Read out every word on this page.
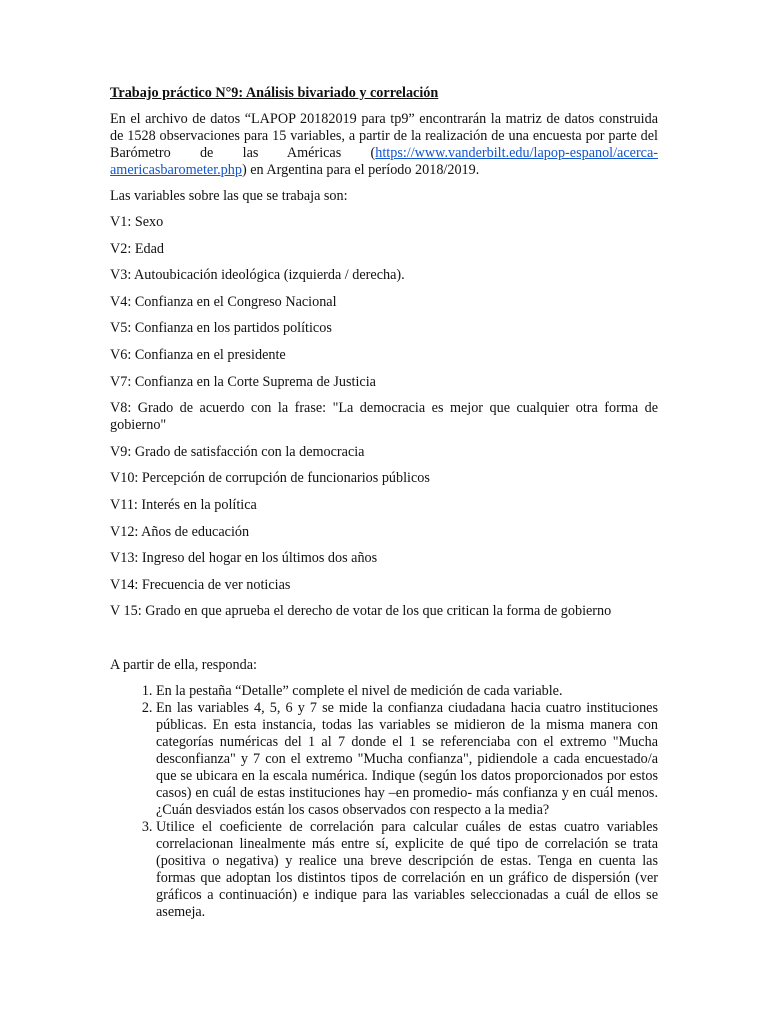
Trabajo práctico N°9: Análisis bivariado y correlación

En el archivo de datos “LAPOP 20182019 para tp9” encontrarán la matriz de datos construida de 1528 observaciones para 15 variables, a partir de la realización de una encuesta por parte del Barómetro de las Américas (https://www.vanderbilt.edu/lapop-espanol/acerca-americasbarometer.php) en Argentina para el período 2018/2019.

Las variables sobre las que se trabaja son:

V1: Sexo

V2: Edad

V3: Autoubicación ideológica (izquierda / derecha).

V4: Confianza en el Congreso Nacional

V5: Confianza en los partidos políticos

V6: Confianza en el presidente

V7: Confianza en la Corte Suprema de Justicia

V8: Grado de acuerdo con la frase: "La democracia es mejor que cualquier otra forma de gobierno"

V9: Grado de satisfacción con la democracia

V10: Percepción de corrupción de funcionarios públicos

V11: Interés en la política

V12: Años de educación

V13: Ingreso del hogar en los últimos dos años

V14: Frecuencia de ver noticias

V 15: Grado en que aprueba el derecho de votar de los que critican la forma de gobierno

A partir de ella, responda:

1. En la pestaña “Detalle” complete el nivel de medición de cada variable.
2. En las variables 4, 5, 6 y 7 se mide la confianza ciudadana hacia cuatro instituciones públicas. En esta instancia, todas las variables se midieron de la misma manera con categorías numéricas del 1 al 7 donde el 1 se referenciaba con el extremo "Mucha desconfianza" y 7 con el extremo "Mucha confianza", pidiendole a cada encuestado/a que se ubicara en la escala numérica. Indique (según los datos proporcionados por estos casos) en cuál de estas instituciones hay –en promedio- más confianza y en cuál menos. ¿Cuán desviados están los casos observados con respecto a la media?
3. Utilice el coeficiente de correlación para calcular cuáles de estas cuatro variables correlacionan linealmente más entre sí, explicite de qué tipo de correlación se trata (positiva o negativa) y realice una breve descripción de estas. Tenga en cuenta las formas que adoptan los distintos tipos de correlación en un gráfico de dispersión (ver gráficos a continuación) e indique para las variables seleccionadas a cuál de ellos se asemeja.
